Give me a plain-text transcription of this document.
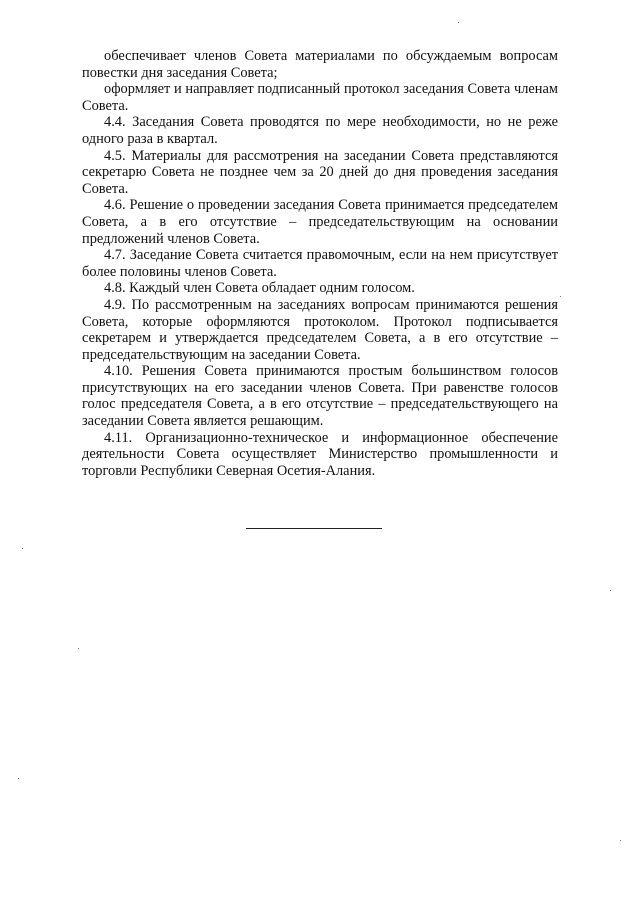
обеспечивает членов Совета материалами по обсуждаемым вопросам повестки дня заседания Совета;

оформляет и направляет подписанный протокол заседания Совета членам Совета.

4.4. Заседания Совета проводятся по мере необходимости, но не реже одного раза в квартал.

4.5. Материалы для рассмотрения на заседании Совета представляются секретарю Совета не позднее чем за 20 дней до дня проведения заседания Совета.

4.6. Решение о проведении заседания Совета принимается председателем Совета, а в его отсутствие – председательствующим на основании предложений членов Совета.

4.7. Заседание Совета считается правомочным, если на нем присутствует более половины членов Совета.

4.8. Каждый член Совета обладает одним голосом.

4.9. По рассмотренным на заседаниях вопросам принимаются решения Совета, которые оформляются протоколом. Протокол подписывается секретарем и утверждается председателем Совета, а в его отсутствие – председательствующим на заседании Совета.

4.10. Решения Совета принимаются простым большинством голосов присутствующих на его заседании членов Совета. При равенстве голосов голос председателя Совета, а в его отсутствие – председательствующего на заседании Совета является решающим.

4.11. Организационно-техническое и информационное обеспечение деятельности Совета осуществляет Министерство промышленности и торговли Республики Северная Осетия-Алания.
